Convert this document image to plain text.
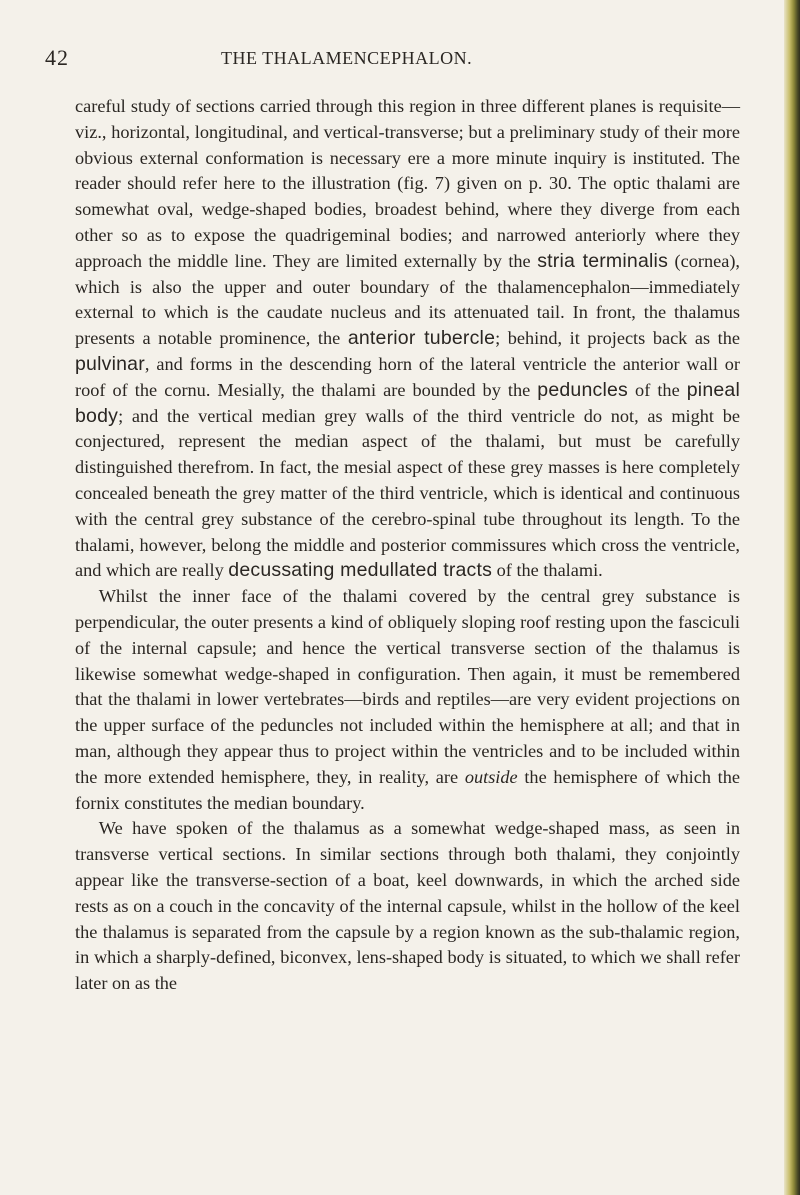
42	THE THALAMENCEPHALON.

careful study of sections carried through this region in three different planes is requisite—viz., horizontal, longitudinal, and vertical-transverse; but a preliminary study of their more obvious external conformation is necessary ere a more minute inquiry is instituted. The reader should refer here to the illustration (fig. 7) given on p. 30. The optic thalami are somewhat oval, wedge-shaped bodies, broadest behind, where they diverge from each other so as to expose the quadrigeminal bodies; and narrowed anteriorly where they approach the middle line. They are limited externally by the stria terminalis (cornea), which is also the upper and outer boundary of the thalamencephalon—immediately external to which is the caudate nucleus and its attenuated tail. In front, the thalamus presents a notable prominence, the anterior tubercle; behind, it projects back as the pulvinar, and forms in the descending horn of the lateral ventricle the anterior wall or roof of the cornu. Mesially, the thalami are bounded by the peduncles of the pineal body; and the vertical median grey walls of the third ventricle do not, as might be conjectured, represent the median aspect of the thalami, but must be carefully distinguished therefrom. In fact, the mesial aspect of these grey masses is here completely concealed beneath the grey matter of the third ventricle, which is identical and continuous with the central grey substance of the cerebro-spinal tube throughout its length. To the thalami, however, belong the middle and posterior commissures which cross the ventricle, and which are really decussating medullated tracts of the thalami.

Whilst the inner face of the thalami covered by the central grey substance is perpendicular, the outer presents a kind of obliquely sloping roof resting upon the fasciculi of the internal capsule; and hence the vertical transverse section of the thalamus is likewise somewhat wedge-shaped in configuration. Then again, it must be remembered that the thalami in lower vertebrates—birds and reptiles—are very evident projections on the upper surface of the peduncles not included within the hemisphere at all; and that in man, although they appear thus to project within the ventricles and to be included within the more extended hemisphere, they, in reality, are outside the hemisphere of which the fornix constitutes the median boundary.

We have spoken of the thalamus as a somewhat wedge-shaped mass, as seen in transverse vertical sections. In similar sections through both thalami, they conjointly appear like the transverse-section of a boat, keel downwards, in which the arched side rests as on a couch in the concavity of the internal capsule, whilst in the hollow of the keel the thalamus is separated from the capsule by a region known as the sub-thalamic region, in which a sharply-defined, biconvex, lens-shaped body is situated, to which we shall refer later on as the
